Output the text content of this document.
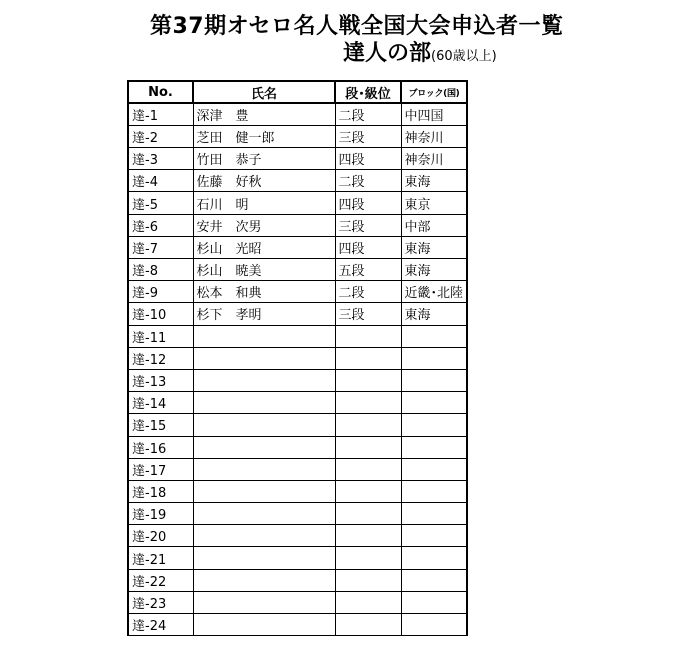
第37期オセロ名人戦全国大会申込者一覧
達人の部(60歳以上)
No.	氏名	段･級位	ブロック(国)
達-1	深津　豊	二段	中四国
達-2	芝田　健一郎	三段	神奈川
達-3	竹田　恭子	四段	神奈川
達-4	佐藤　好秋	二段	東海
達-5	石川　明	四段	東京
達-6	安井　次男	三段	中部
達-7	杉山　光昭	四段	東海
達-8	杉山　暁美	五段	東海
達-9	松本　和典	二段	近畿･北陸
達-10	杉下　孝明	三段	東海
達-11			
達-12			
達-13			
達-14			
達-15			
達-16			
達-17			
達-18			
達-19			
達-20			
達-21			
達-22			
達-23			
達-24			
